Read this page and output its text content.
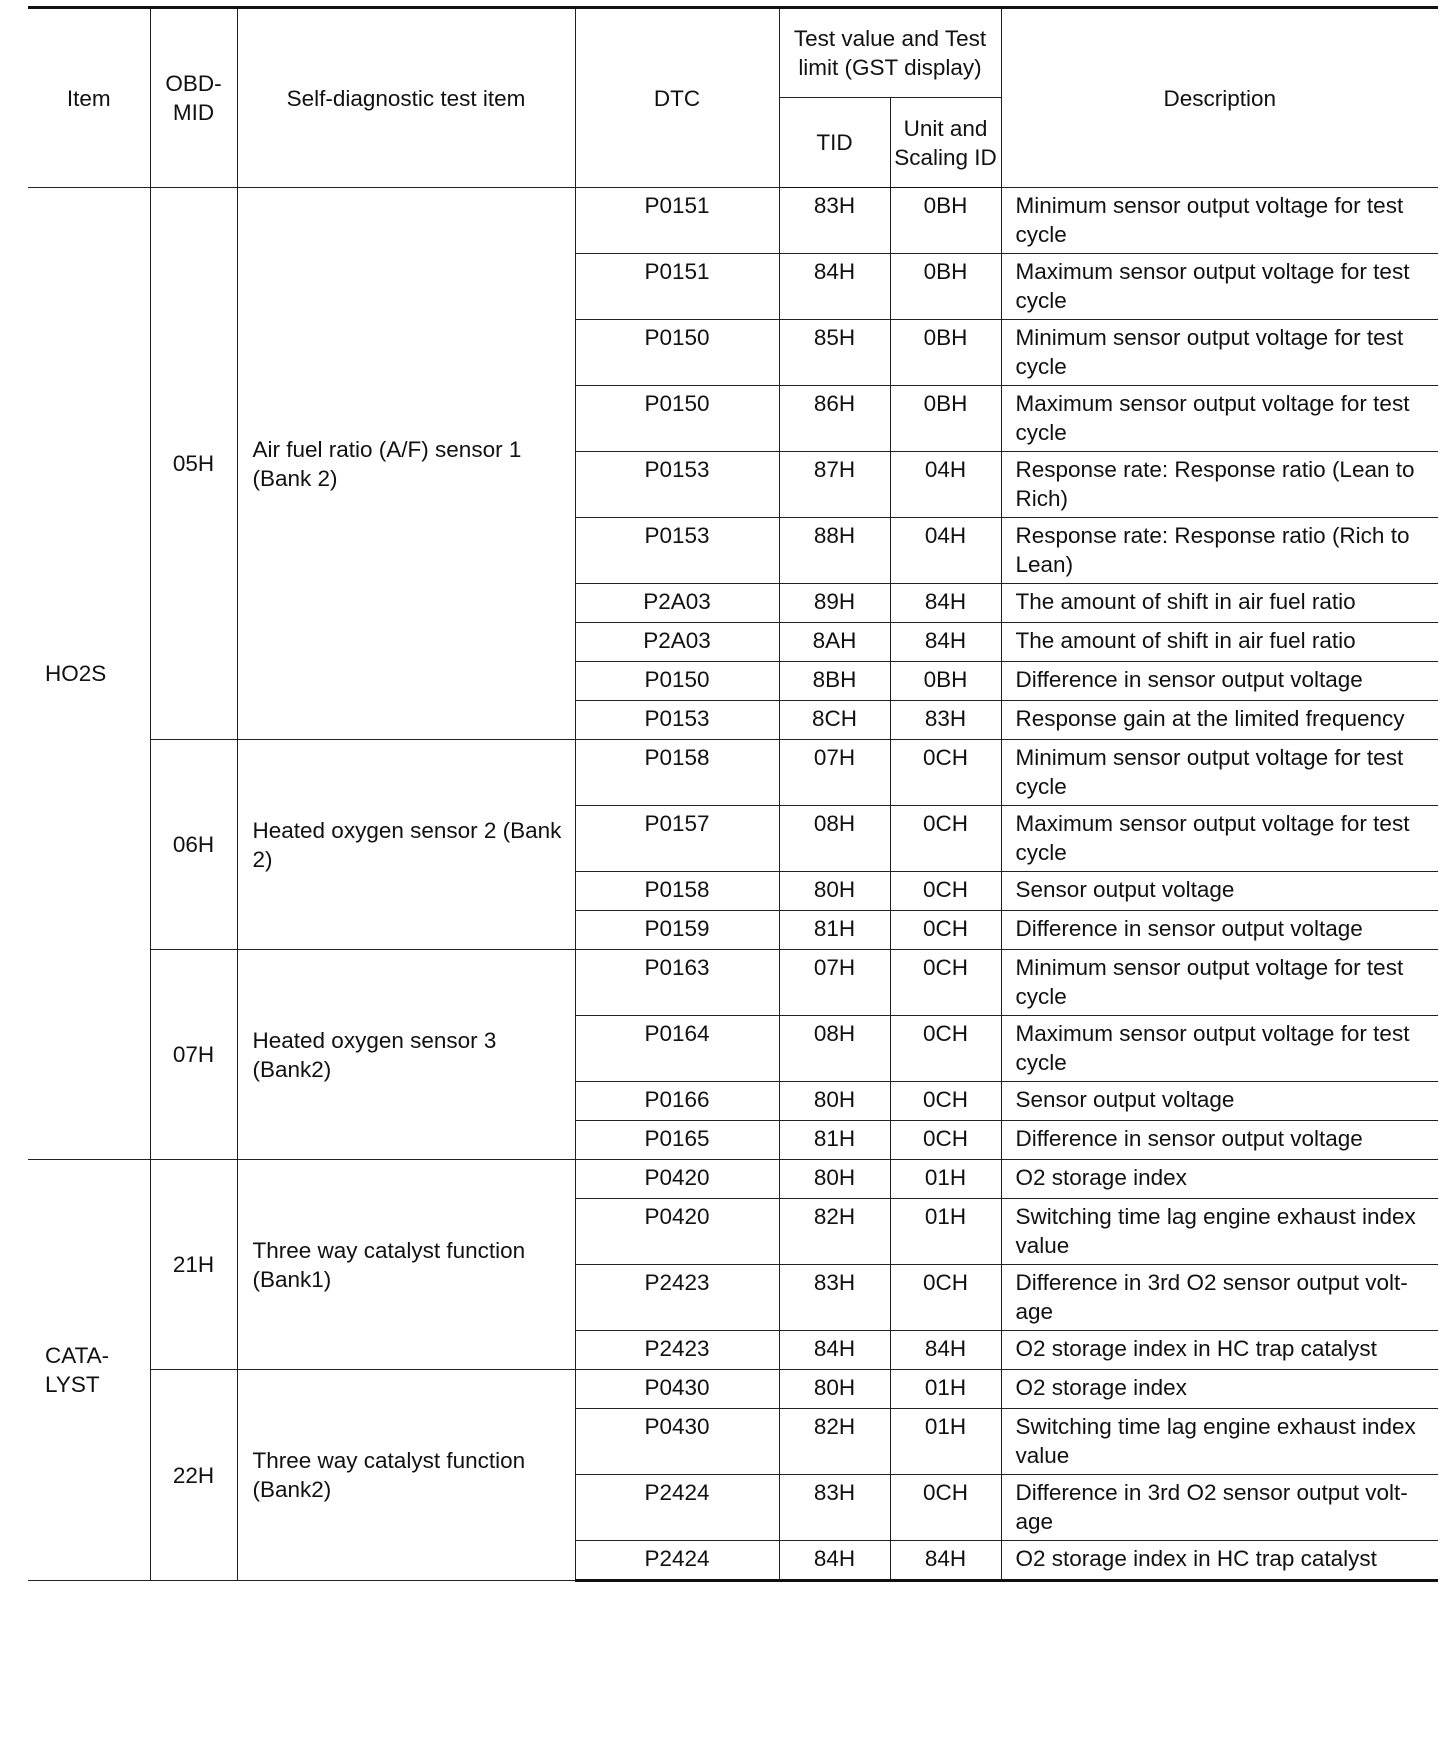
Item	OBD-MID	Self-diagnostic test item	DTC	Test value and Test limit (GST display)		Description
				TID	Unit and Scaling ID	
HO2S	05H	Air fuel ratio (A/F) sensor 1 (Bank 2)	P0151	83H	0BH	Minimum sensor output voltage for test cycle
			P0151	84H	0BH	Maximum sensor output voltage for test cycle
			P0150	85H	0BH	Minimum sensor output voltage for test cycle
			P0150	86H	0BH	Maximum sensor output voltage for test cycle
			P0153	87H	04H	Response rate: Response ratio (Lean to Rich)
			P0153	88H	04H	Response rate: Response ratio (Rich to Lean)
			P2A03	89H	84H	The amount of shift in air fuel ratio
			P2A03	8AH	84H	The amount of shift in air fuel ratio
			P0150	8BH	0BH	Difference in sensor output voltage
			P0153	8CH	83H	Response gain at the limited frequency
	06H	Heated oxygen sensor 2 (Bank 2)	P0158	07H	0CH	Minimum sensor output voltage for test cycle
			P0157	08H	0CH	Maximum sensor output voltage for test cycle
			P0158	80H	0CH	Sensor output voltage
			P0159	81H	0CH	Difference in sensor output voltage
	07H	Heated oxygen sensor 3 (Bank2)	P0163	07H	0CH	Minimum sensor output voltage for test cycle
			P0164	08H	0CH	Maximum sensor output voltage for test cycle
			P0166	80H	0CH	Sensor output voltage
			P0165	81H	0CH	Difference in sensor output voltage
CATA-LYST	21H	Three way catalyst function (Bank1)	P0420	80H	01H	O2 storage index
			P0420	82H	01H	Switching time lag engine exhaust index value
			P2423	83H	0CH	Difference in 3rd O2 sensor output volt-age
			P2423	84H	84H	O2 storage index in HC trap catalyst
	22H	Three way catalyst function (Bank2)	P0430	80H	01H	O2 storage index
			P0430	82H	01H	Switching time lag engine exhaust index value
			P2424	83H	0CH	Difference in 3rd O2 sensor output volt-age
			P2424	84H	84H	O2 storage index in HC trap catalyst
